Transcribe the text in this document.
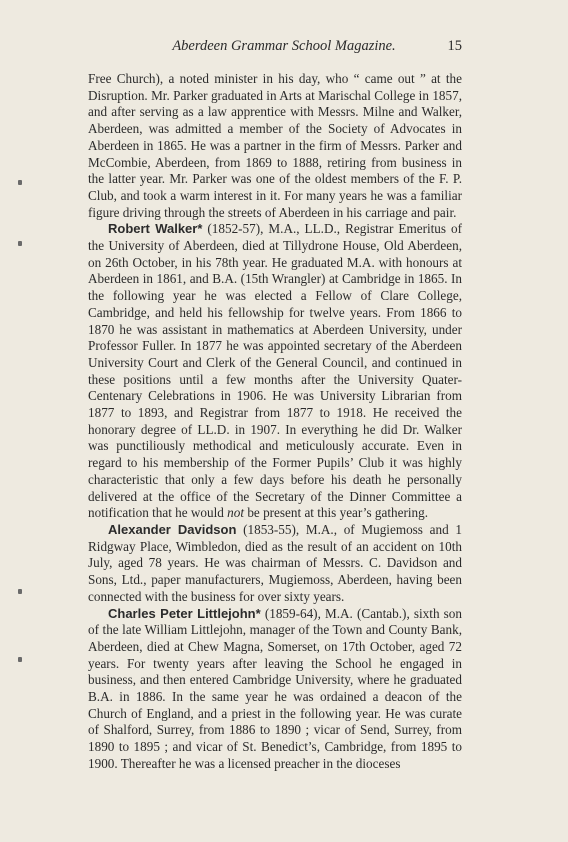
Aberdeen Grammar School Magazine.	15

Free Church), a noted minister in his day, who “ came out ” at the Disruption. Mr. Parker graduated in Arts at Marischal College in 1857, and after serving as a law apprentice with Messrs. Milne and Walker, Aberdeen, was admitted a member of the Society of Advocates in Aberdeen in 1865. He was a partner in the firm of Messrs. Parker and McCombie, Aberdeen, from 1869 to 1888, retiring from business in the latter year. Mr. Parker was one of the oldest members of the F. P. Club, and took a warm interest in it. For many years he was a familiar figure driving through the streets of Aberdeen in his carriage and pair.

Robert Walker* (1852-57), M.A., LL.D., Registrar Emeritus of the University of Aberdeen, died at Tillydrone House, Old Aberdeen, on 26th October, in his 78th year. He graduated M.A. with honours at Aberdeen in 1861, and B.A. (15th Wrangler) at Cambridge in 1865. In the following year he was elected a Fellow of Clare College, Cambridge, and held his fellowship for twelve years. From 1866 to 1870 he was assistant in mathematics at Aberdeen University, under Professor Fuller. In 1877 he was appointed secretary of the Aberdeen University Court and Clerk of the General Council, and continued in these positions until a few months after the University Quater-Centenary Celebrations in 1906. He was University Librarian from 1877 to 1893, and Registrar from 1877 to 1918. He received the honorary degree of LL.D. in 1907. In everything he did Dr. Walker was punctiliously methodical and meticulously accurate. Even in regard to his membership of the Former Pupils’ Club it was highly characteristic that only a few days before his death he personally delivered at the office of the Secretary of the Dinner Committee a notification that he would not be present at this year’s gathering.

Alexander Davidson (1853-55), M.A., of Mugiemoss and 1 Ridgway Place, Wimbledon, died as the result of an accident on 10th July, aged 78 years. He was chairman of Messrs. C. Davidson and Sons, Ltd., paper manufacturers, Mugiemoss, Aberdeen, having been connected with the business for over sixty years.

Charles Peter Littlejohn* (1859-64), M.A. (Cantab.), sixth son of the late William Littlejohn, manager of the Town and County Bank, Aberdeen, died at Chew Magna, Somerset, on 17th October, aged 72 years. For twenty years after leaving the School he engaged in business, and then entered Cambridge University, where he graduated B.A. in 1886. In the same year he was ordained a deacon of the Church of England, and a priest in the following year. He was curate of Shalford, Surrey, from 1886 to 1890 ; vicar of Send, Surrey, from 1890 to 1895 ; and vicar of St. Benedict’s, Cambridge, from 1895 to 1900. Thereafter he was a licensed preacher in the dioceses
